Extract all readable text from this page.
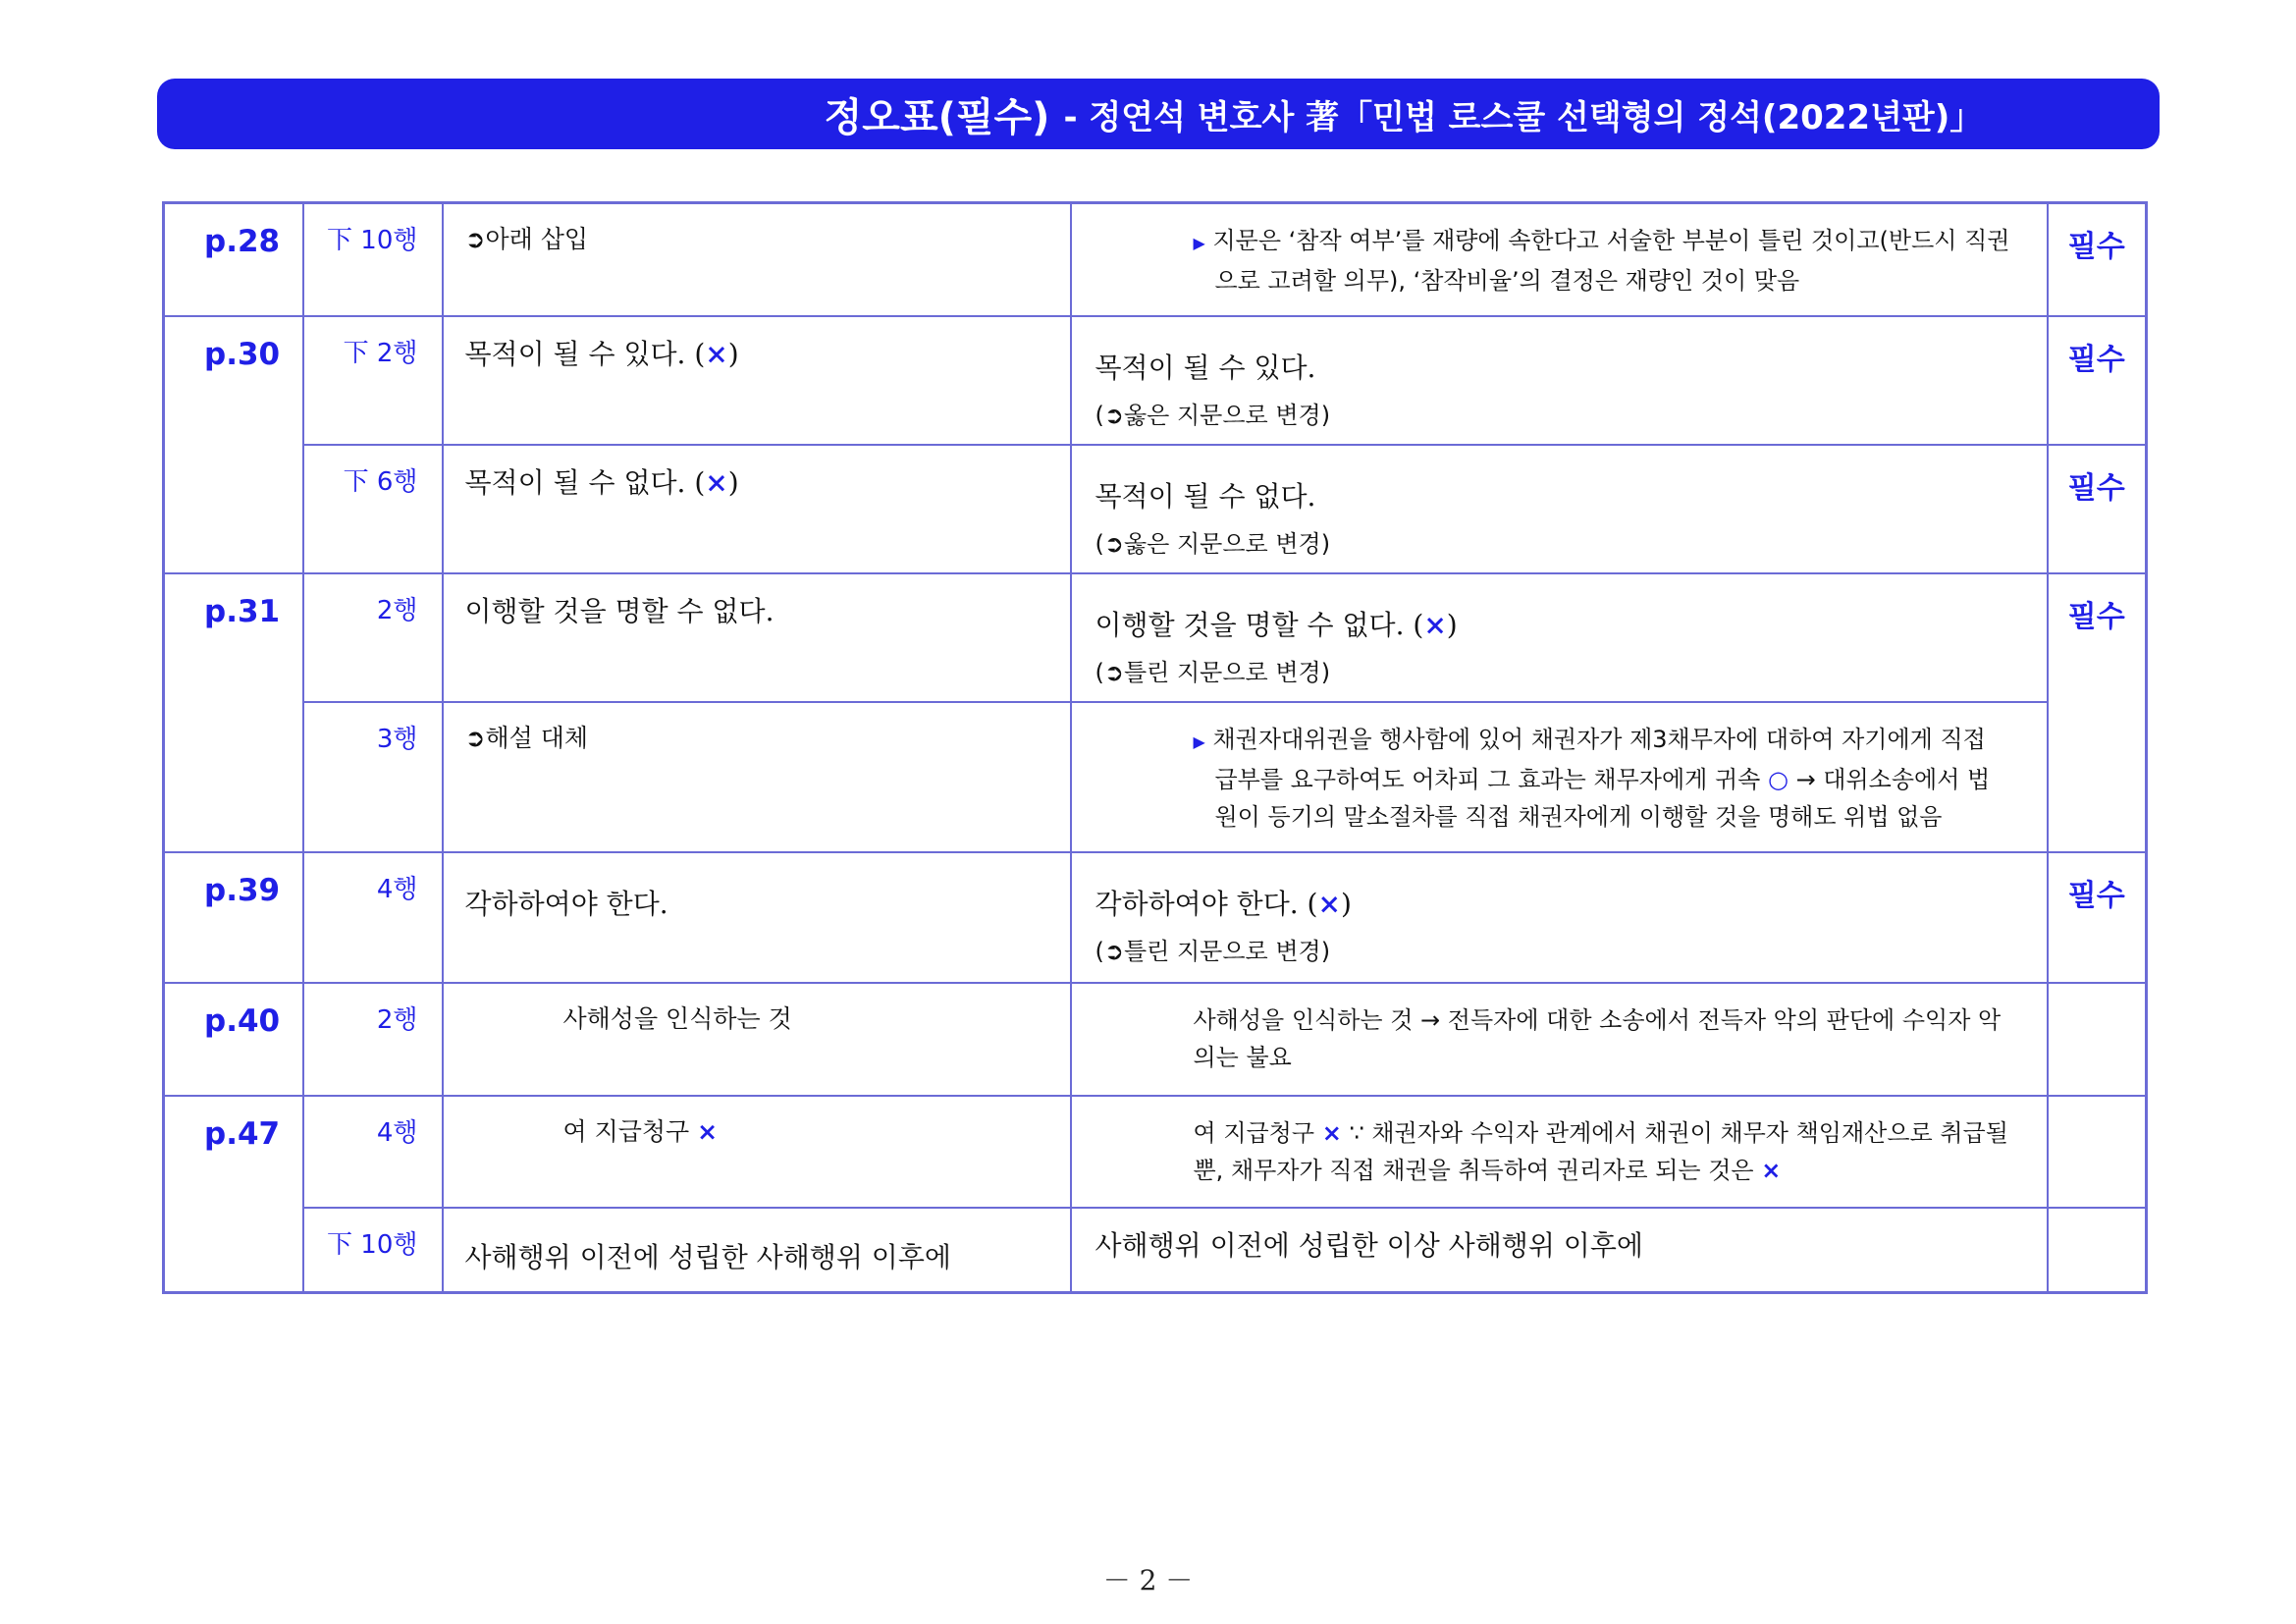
정오표(필수) - 정연석 변호사 著「민법 로스쿨 선택형의 정석(2022년판)」
p.28	下 10행	➲아래 삽입	▶ 지문은 ‘참작 여부’를 재량에 속한다고 서술한 부분이 틀린 것이고(반드시 직권으로 고려할 의무), ‘참작비율’의 결정은 재량인 것이 맞음	필수

p.30	下 2행	목적이 될 수 있다. (×)	목적이 될 수 있다.
(➲옳은 지문으로 변경)	필수

	下 6행	목적이 될 수 없다. (×)	목적이 될 수 없다.
(➲옳은 지문으로 변경)	필수

p.31	2행	이행할 것을 명할 수 없다.	이행할 것을 명할 수 없다. (×)
(➲틀린 지문으로 변경)	필수

	3행	➲해설 대체	▶ 채권자대위권을 행사함에 있어 채권자가 제3채무자에 대하여 자기에게 직접 급부를 요구하여도 어차피 그 효과는 채무자에게 귀속 ○ → 대위소송에서 법원이 등기의 말소절차를 직접 채권자에게 이행할 것을 명해도 위법 없음	

p.39	4행	각하하여야 한다.	각하하여야 한다. (×)
(➲틀린 지문으로 변경)	필수

p.40	2행	사해성을 인식하는 것	사해성을 인식하는 것 → 전득자에 대한 소송에서 전득자 악의 판단에 수익자 악의는 불요	

p.47	4행	여 지급청구 ×	여 지급청구 × ∵ 채권자와 수익자 관계에서 채권이 채무자 책임재산으로 취급될 뿐, 채무자가 직접 채권을 취득하여 권리자로 되는 것은 ×	

	下 10행	사해행위 이전에 성립한 사해행위 이후에	사해행위 이전에 성립한 이상 사해행위 이후에	

－ 2 －
